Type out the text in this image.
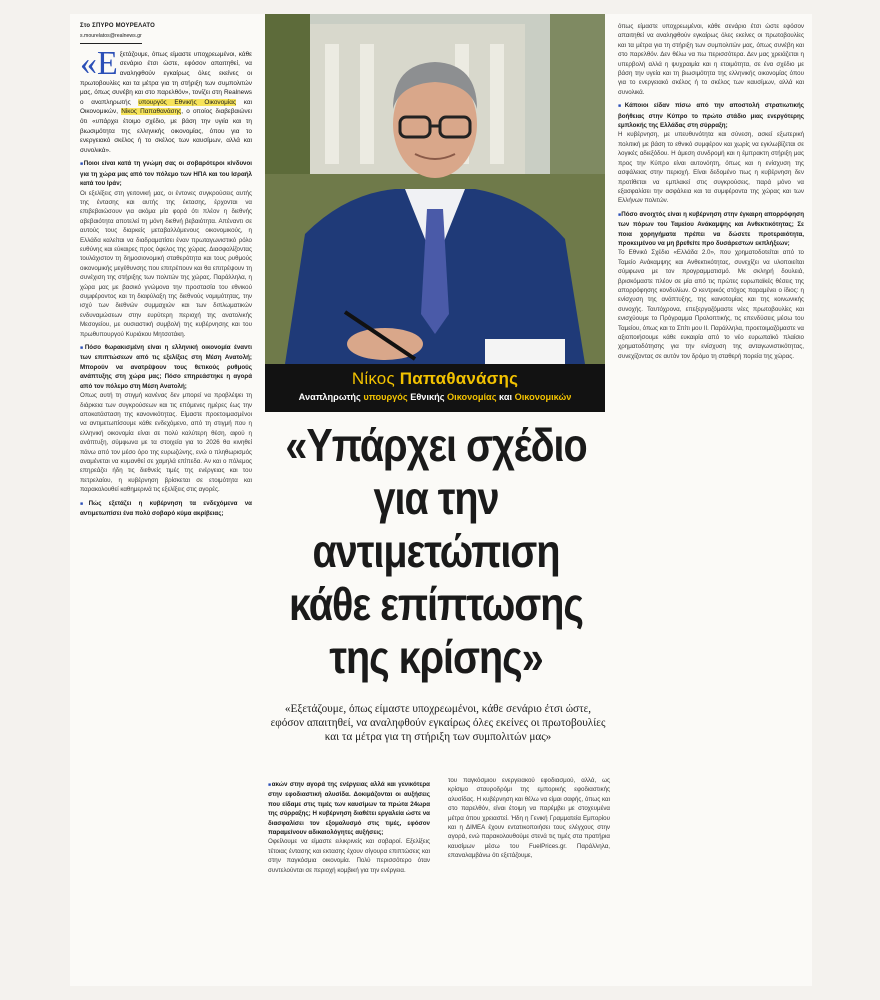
Στο ΣΠΥΡΟ ΜΟΥΡΕΛΑΤΟ
s.mourelatos@realnews.gr

«Εξετάζουμε, όπως είμαστε υποχρεωμένοι, κάθε σενάριο έτσι ώστε, εφόσον απαιτηθεί, να αναληφθούν εγκαίρως όλες εκείνες οι πρωτοβουλίες και τα μέτρα για τη στήριξη των συμπολιτών μας, όπως συνέβη και στο παρελθόν», τονίζει στη Realnews ο αναπληρωτής υπουργός Εθνικής Οικονομίας και Οικονομικών, Νίκος Παπαθανάσης, ο οποίος διαβεβαιώνει ότι «υπάρχει έτοιμο σχέδιο, με βάση την υγιία και τη βιωσιμότητα της ελληνικής οικονομίας, όπου για το ενεργειακό σκέλος ή το σκέλος των καυσίμων, αλλά και συνολικά».

■ Ποιοι είναι κατά τη γνώμη σας οι σοβαρότεροι κίνδυνοι για τη χώρα μας από τον πόλεμο των ΗΠΑ και του Ισραήλ κατά του Ιράν;

Οι εξελίξεις στη γειτονική μας, οι έντονες συγκρούσεις αυτής της έντασης και αυτής της έκτασης, έρχονται να επιβεβαιώσουν για ακόμα μία φορά ότι πλέον η διεθνής αβεβαιότητα αποτελεί τη μόνη διεθνή βεβαιότητα. Απέναντι σε αυτούς τους διαρκείς μεταβαλλόμενους οικονομικούς, η Ελλάδα καλείται να διαδραματίσει έναν πρωταγωνιστικό ρόλο ευθύνης και εύκαιρες προς όφελος της χώρας. Διασφαλίζοντας τουλάχιστον τη δημοσιονομική σταθερότητα και τους ρυθμούς οικονομικής μεγέθυνσης που επιτρέπουν και θα επιτρέψουν τη συνέχιση της στήριξης των πολιτών της χώρας. Παράλληλα, η χώρα μας με βασικό γνώμονα την προστασία του εθνικού συμφέροντος και τη διαφύλαξη της διεθνούς νομιμότητας, την ισχύ των διεθνών συμμαχιών και των διπλωματικών ενδυναμώσεων στην ευρύτερη περιοχή της ανατολικής Μεσογείου, με ουσιαστική συμβολή της κυβέρνησης και του πρωθυπουργού Κυριάκου Μητσοτάκη.

■ Πόσο θωρακισμένη είναι η ελληνική οικονομία έναντι των επιπτώσεων από τις εξελίξεις στη Μέση Ανατολή; Μπορούν να ανατρέψουν τους θετικούς ρυθμούς ανάπτυξης στη χώρα μας; Πόσο επηρεάστηκε η αγορά από τον πόλεμο στη Μέση Ανατολή;

Οπως αυτή τη στιγμή κανένας δεν μπορεί να προβλέψει τη διάρκεια των συγκρούσεων και τις επόμενες ημέρες έως την αποκατάσταση της κανονικότητας. Είμαστε προετοιμασμένοι να αντιμετωπίσουμε κάθε ενδεχόμενο, από τη στιγμή που η ελληνική οικονομία είναι σε πολύ καλύτερη θέση, αφού η ανάπτυξη, σύμφωνα με τα στοιχεία για το 2026 θα κινηθεί πάνω από τον μέσο όρο της ευρωζώνης, ενώ ο πληθωρισμός αναμένεται να κυμανθεί σε χαμηλά επίπεδα. Αν και ο πόλεμος επηρεάζει ήδη τις διεθνείς τιμές της ενέργειας και του πετρελαίου, η κυβέρνηση βρίσκεται σε ετοιμότητα και παρακολουθεί καθημερινά τις εξελίξεις στις αγορές.

■ Πώς εξετάζει η κυβέρνηση τα ενδεχόμενα να αντιμετωπίσει ένα πολύ σοβαρό κύμα ακρίβειας;

Νίκος Παπαθανάσης
Αναπληρωτής υπουργός Εθνικής Οικονομίας και Οικονομικών
«Υπάρχει σχέδιο
για την
αντιμετώπιση
κάθε επίπτωσης
της κρίσης»

«Εξετάζουμε, όπως είμαστε υποχρεωμένοι, κάθε σενάριο έτσι ώστε, εφόσον απαιτηθεί, να αναληφθούν εγκαίρως όλες εκείνες οι πρωτοβουλίες και τα μέτρα για τη στήριξη των συμπολιτών μας»

■ ακών στην αγορά της ενέργειας αλλά και γενικότερα στην εφοδιαστική αλυσίδα. Δοκιμάζονται οι αυξήσεις που είδαμε στις τιμές των καυσίμων τα πρώτα 24ωρα της σύρραξης; Η κυβέρνηση διαθέτει εργαλεία ώστε να διασφαλίσει τον εξομαλυσμό στις τιμές, εφόσον παραμείνουν αδικαιολόγητες αυξήσεις;

Οφείλουμε να είμαστε ειλικρινείς και σοβαροί. Εξελίξεις τέτοιας έντασης και εκτασης έχουν σίγουρα επιπτώσεις και στην παγκόσμια οικονομία. Πολύ περισσότερο όταν συντελούνται σε περιοχή κομβική για την ενέργεια.

του παγκόσμιου ενεργειακού εφοδιασμού, αλλά, ως κρίσιμο σταυροδρόμι της εμπορικής εφοδιαστικής αλυσίδας. Η κυβέρνηση και θέλω να είμαι σαφής, όπως και στο παρελθόν, είναι έτοιμη να παρέμβει με στοχευμένα μέτρα όπου χρειαστεί. Ήδη η Γενική Γραμματεία Εμπορίου και η ΔΙΜΕΑ έχουν εντατικοποιήσει τους ελέγχους στην αγορά, ενώ παρακολουθούμε στενά τις τιμές στα πρατήρια καυσίμων μέσω του FuelPrices.gr. Παράλληλα, επαναλαμβάνω ότι εξετάζουμε,

όπως είμαστε υποχρεωμένοι, κάθε σενάριο έτσι ώστε εφόσον απαιτηθεί να αναληφθούν εγκαίρως όλες εκείνες οι πρωτοβουλίες και τα μέτρα για τη στήριξη των συμπολιτών μας, όπως συνέβη και στο παρελθόν. Δεν θέλω να πω περισσότερα. Δεν μας χρειάζεται η υπερβολή αλλά η ψυχραιμία και η ετοιμότητα, σε ένα σχέδιο με βάση την υγεία και τη βιωσιμότητα της ελληνικής οικονομίας όπου για το ενεργειακό σκέλος ή το σκέλος των καυσίμων, αλλά και συνολικά.

■ Κάποιοι είδαν πίσω από την αποστολή στρατιωτικής βοήθειας στην Κύπρο το πρώτο στάδιο μιας ενεργότερης εμπλοκής της Ελλάδας στη σύρραξη;

Η κυβέρνηση, με υπευθυνότητα και σύνεση, ασκεί εξωτερική πολιτική με βάση το εθνικό συμφέρον και χωρίς να εγκλωβίζεται σε λογικές αδιεξόδου. Η άμεση συνδρομή και η έμπρακτη στήριξη μας προς την Κύπρο είναι αυτονόητη, όπως και η ενίσχυση της ασφάλειας στην περιοχή. Είναι δεδομένο πως η κυβέρνηση δεν προτίθεται να εμπλακεί στις συγκρούσεις, παρά μόνο να εξασφαλίσει την ασφάλεια και τα συμφέροντα της χώρας και των Ελλήνων πολιτών.

■ Πόσο ανοιχτός είναι η κυβέρνηση στην έγκαιρη απορρόφηση των πόρων του Ταμείου Ανάκαμψης και Ανθεκτικότητας; Σε ποια χορηγήματα πρέπει να δώσετε προτεραιότητα, προκειμένου να μη βρεθείτε προ δυσάρεστων εκπλήξεων;

Το Εθνικό Σχέδιο «Ελλάδα 2.0», που χρηματοδοτείται από το Ταμείο Ανάκαμψης και Ανθεκτικότητας, συνεχίζει να υλοποιείται σύμφωνα με τον προγραμματισμό. Με σκληρή δουλειά, βρισκόμαστε πλέον σε μία από τις πρώτες ευρωπαϊκές θέσεις της απορρόφησης κονδυλίων. Ο κεντρικός στόχος παραμένει ο ίδιος: η ενίσχυση της ανάπτυξης, της καινοτομίας και της κοινωνικής συνοχής. Ταυτόχρονα, επεξεργαζόμαστε νέες πρωτοβουλίες και ενισχύουμε το Πρόγραμμα Προλοπτικής, τις επενδύσεις μέσω του Ταμείου, όπως και το Σπίτι μου ΙΙ. Παράλληλα, προετοιμαζόμαστε να αξιοποιήσουμε κάθε ευκαιρία από το νέο ευρωπαϊκό πλαίσιο χρηματοδότησης για την ενίσχυση της ανταγωνιστικότητας, συνεχίζοντας σε αυτόν τον δρόμο τη σταθερή πορεία της χώρας.
